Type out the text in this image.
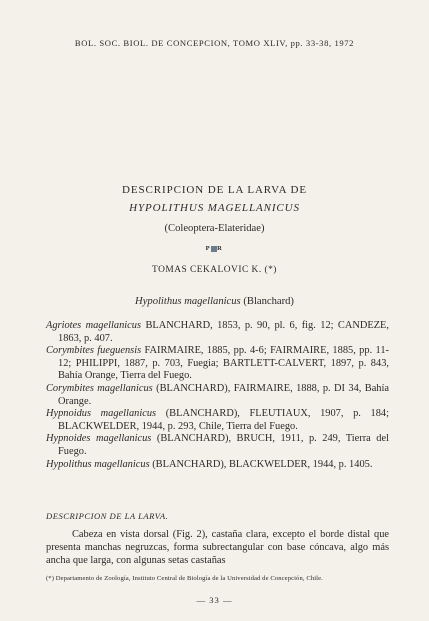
BOL. SOC. BIOL. DE CONCEPCION, TOMO XLIV, pp. 33-38, 1972
DESCRIPCION DE LA LARVA DE
HYPOLITHUS MAGELLANICUS
(Coleoptera-Elateridae)
P R
TOMAS CEKALOVIC K. (*)
Hypolithus magellanicus (Blanchard)

Agriotes magellanicus BLANCHARD, 1853, p. 90, pl. 6, fig. 12; CANDEZE, 1863, p. 407.

Corymbites fueguensis FAIRMAIRE, 1885, pp. 4-6; FAIRMAIRE, 1885, pp. 11-12; PHILIPPI, 1887, p. 703, Fuegia; BARTLETT-CALVERT, 1897, p. 843, Bahía Orange, Tierra del Fuego.

Corymbites magellanicus (BLANCHARD), FAIRMAIRE, 1888, p. DI 34, Bahía Orange.

Hypnoidus magellanicus (BLANCHARD), FLEUTIAUX, 1907, p. 184; BLACKWELDER, 1944, p. 293, Chile, Tierra del Fuego.

Hypnoides magellanicus (BLANCHARD), BRUCH, 1911, p. 249, Tierra del Fuego.

Hypolithus magellanicus (BLANCHARD), BLACKWELDER, 1944, p. 1405.

DESCRIPCION DE LA LARVA.

Cabeza en vista dorsal (Fig. 2), castaña clara, excepto el borde distal que presenta manchas negruzcas, forma subrectangular con base cóncava, algo más ancha que larga, con algunas setas castañas

(*) Departamento de Zoología, Instituto Central de Biología de la Universidad de Concepción, Chile.
— 33 —
